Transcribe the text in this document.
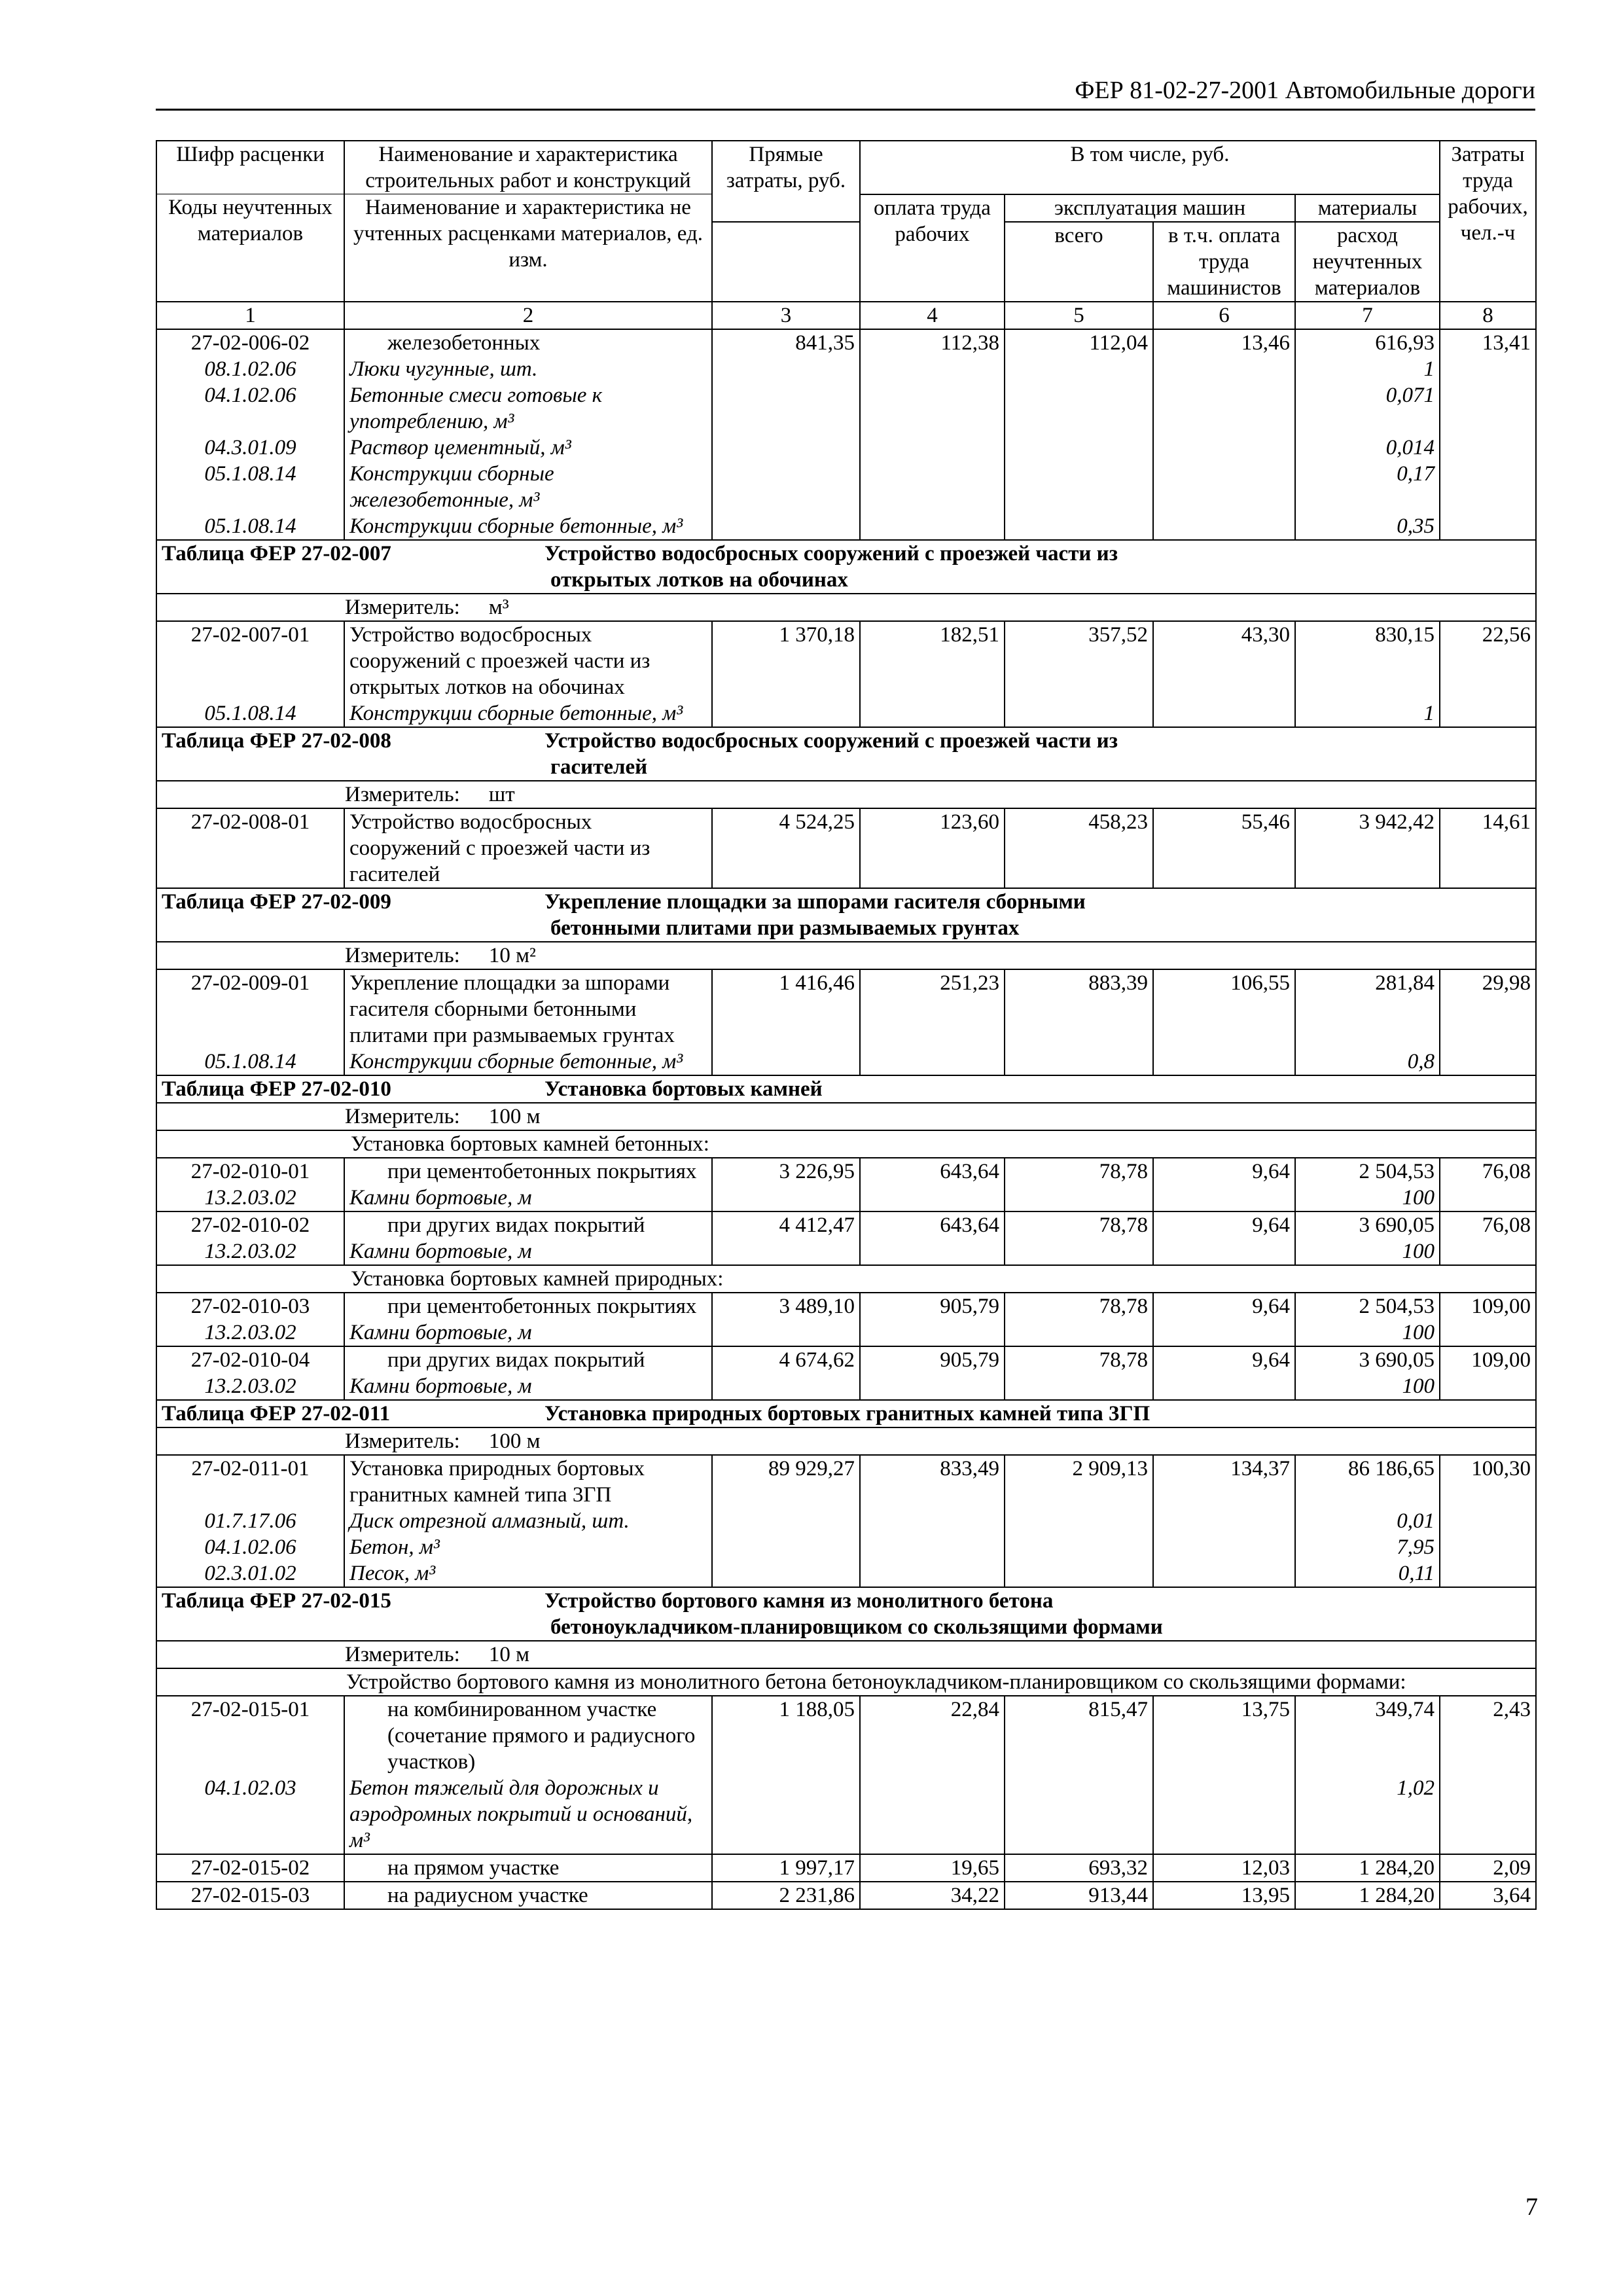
ФЕР 81-02-27-2001 Автомобильные дороги
Шифр расценки	Наименование и характеристика строительных работ и конструкций	Прямые затраты, руб.	В том числе, руб.				Затраты труда рабочих, чел.-ч
Коды неучтенных материалов	Наименование и характеристика не учтенных расценками материалов, ед. изм.						
			оплата труда рабочих	эксплуатация машин		материалы	
				всего	в т.ч. оплата труда машинистов	расход неучтенных материалов	
1	2	3	4	5	6	7	8
27-02-006-02	железобетонных	841,35	112,38	112,04	13,46	616,93	13,41
08.1.02.06	Люки чугунные, шт.					1	
04.1.02.06	Бетонные смеси готовые к употреблению, м³					0,071	
04.3.01.09	Раствор цементный, м³					0,014	
05.1.08.14	Конструкции сборные железобетонные, м³					0,17	
05.1.08.14	Конструкции сборные бетонные, м³					0,35	
Таблица ФЕР 27-02-007 Устройство водосбросных сооружений с проезжей части из
открытых лотков на обочинах							
Измеритель: м³							
27-02-007-01	Устройство водосбросных сооружений с проезжей части из открытых лотков на обочинах	1 370,18	182,51	357,52	43,30	830,15	22,56
05.1.08.14	Конструкции сборные бетонные, м³					1	
Таблица ФЕР 27-02-008 Устройство водосбросных сооружений с проезжей части из
гасителей							
Измеритель: шт							
27-02-008-01	Устройство водосбросных сооружений с проезжей части из гасителей	4 524,25	123,60	458,23	55,46	3 942,42	14,61
Таблица ФЕР 27-02-009 Укрепление площадки за шпорами гасителя сборными
бетонными плитами при размываемых грунтах							
Измеритель: 10 м²							
27-02-009-01	Укрепление площадки за шпорами гасителя сборными бетонными плитами при размываемых грунтах	1 416,46	251,23	883,39	106,55	281,84	29,98
05.1.08.14	Конструкции сборные бетонные, м³					0,8	
Таблица ФЕР 27-02-010 Установка бортовых камней							
Измеритель: 100 м							
Установка бортовых камней бетонных:							
27-02-010-01	при цементобетонных покрытиях	3 226,95	643,64	78,78	9,64	2 504,53	76,08
13.2.03.02	Камни бортовые, м					100	
27-02-010-02	при других видах покрытий	4 412,47	643,64	78,78	9,64	3 690,05	76,08
13.2.03.02	Камни бортовые, м					100	
Установка бортовых камней природных:							
27-02-010-03	при цементобетонных покрытиях	3 489,10	905,79	78,78	9,64	2 504,53	109,00
13.2.03.02	Камни бортовые, м					100	
27-02-010-04	при других видах покрытий	4 674,62	905,79	78,78	9,64	3 690,05	109,00
13.2.03.02	Камни бортовые, м					100	
Таблица ФЕР 27-02-011 Установка природных бортовых гранитных камней типа 3ГП							
Измеритель: 100 м							
27-02-011-01	Установка природных бортовых гранитных камней типа 3ГП	89 929,27	833,49	2 909,13	134,37	86 186,65	100,30
01.7.17.06	Диск отрезной алмазный, шт.					0,01	
04.1.02.06	Бетон, м³					7,95	
02.3.01.02	Песок, м³					0,11	
Таблица ФЕР 27-02-015 Устройство бортового камня из монолитного бетона
бетоноукладчиком-планировщиком со скользящими формами							
Измеритель: 10 м							

Устройство бортового камня из монолитного бетона бетоноукладчиком-планировщиком со скользящими формами:							

27-02-015-01	на комбинированном участке (сочетание прямого и радиусного участков)	1 188,05	22,84	815,47	13,75	349,74	2,43
04.1.02.03	Бетон тяжелый для дорожных и аэродромных покрытий и оснований, м³					1,02	
27-02-015-02	на прямом участке	1 997,17	19,65	693,32	12,03	1 284,20	2,09
27-02-015-03	на радиусном участке	2 231,86	34,22	913,44	13,95	1 284,20	3,64
7
